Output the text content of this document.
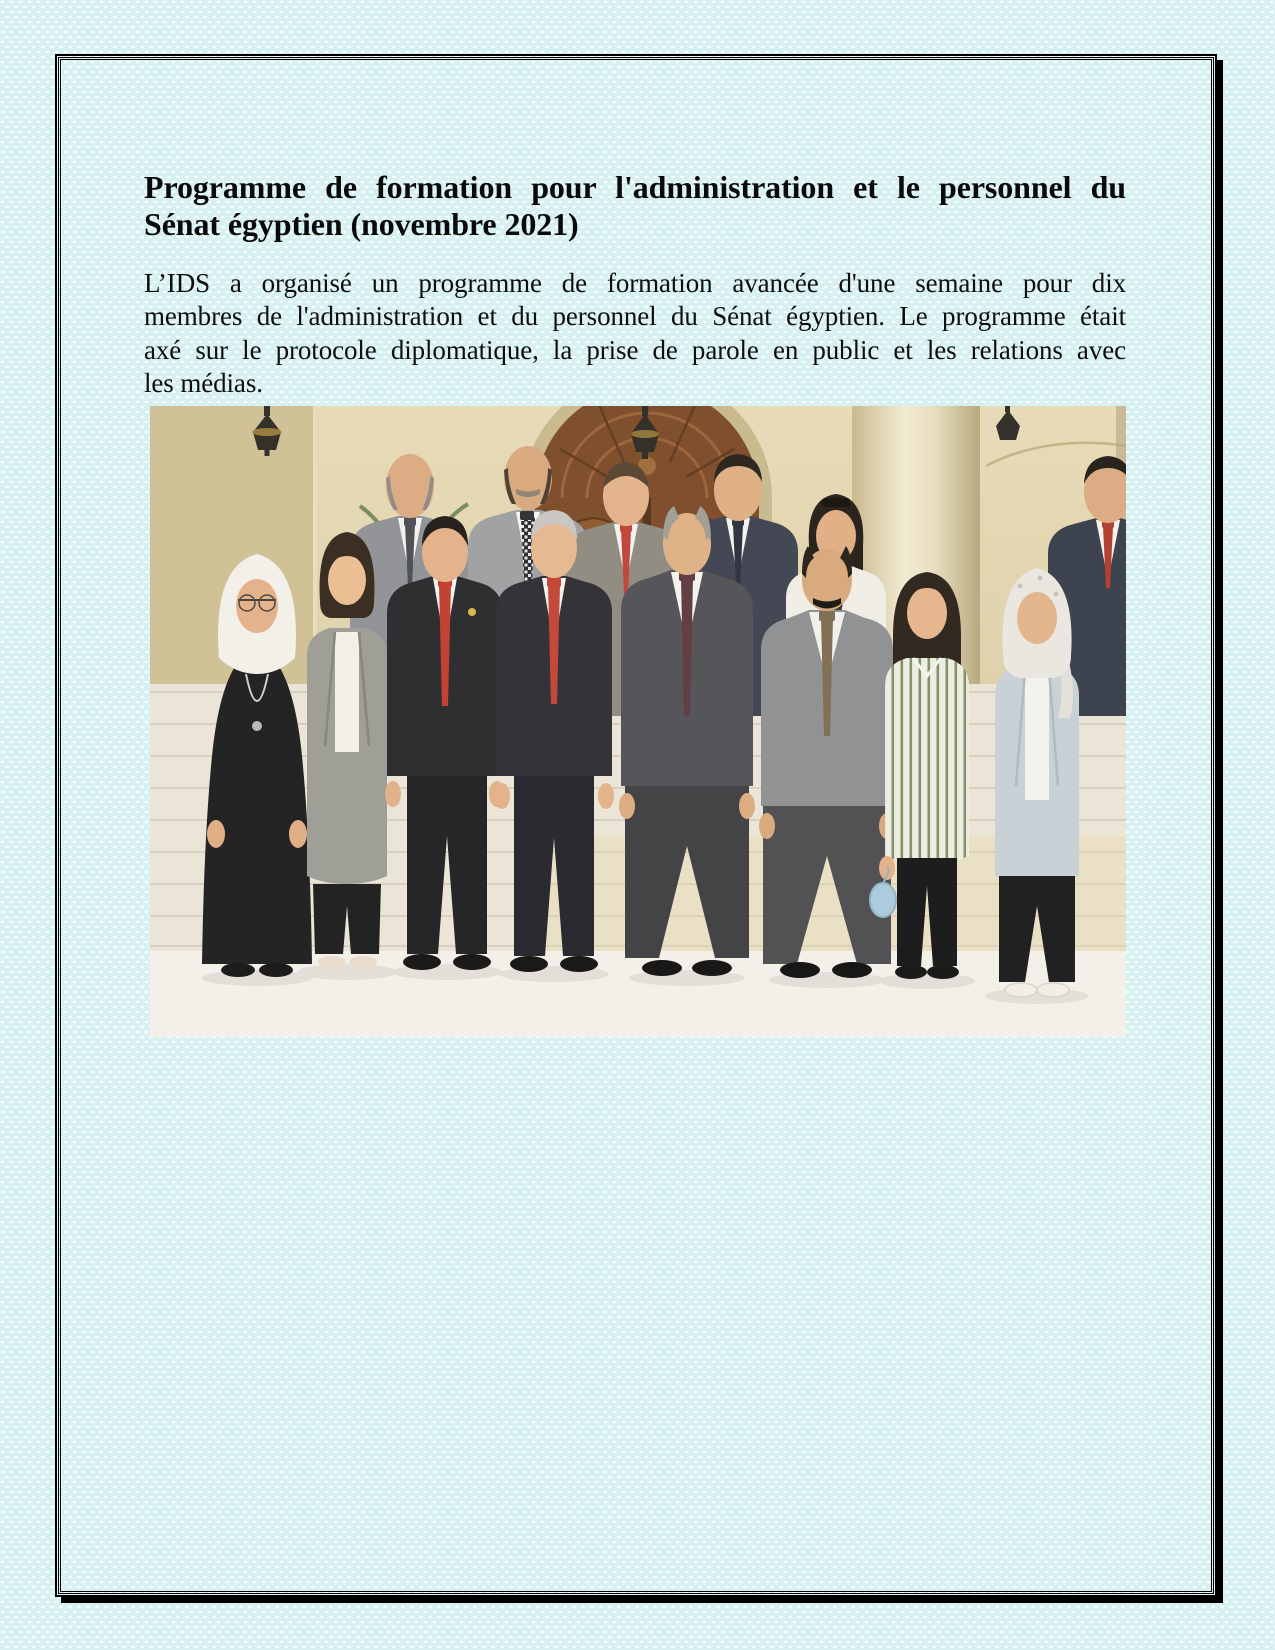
Programme de formation pour l'administration et le personnel du
Sénat égyptien (novembre 2021)

L’IDS a organisé un programme de formation avancée d'une semaine pour dix
membres de l'administration et du personnel du Sénat égyptien. Le programme était
axé sur le protocole diplomatique, la prise de parole en public et les relations avec
les médias.
